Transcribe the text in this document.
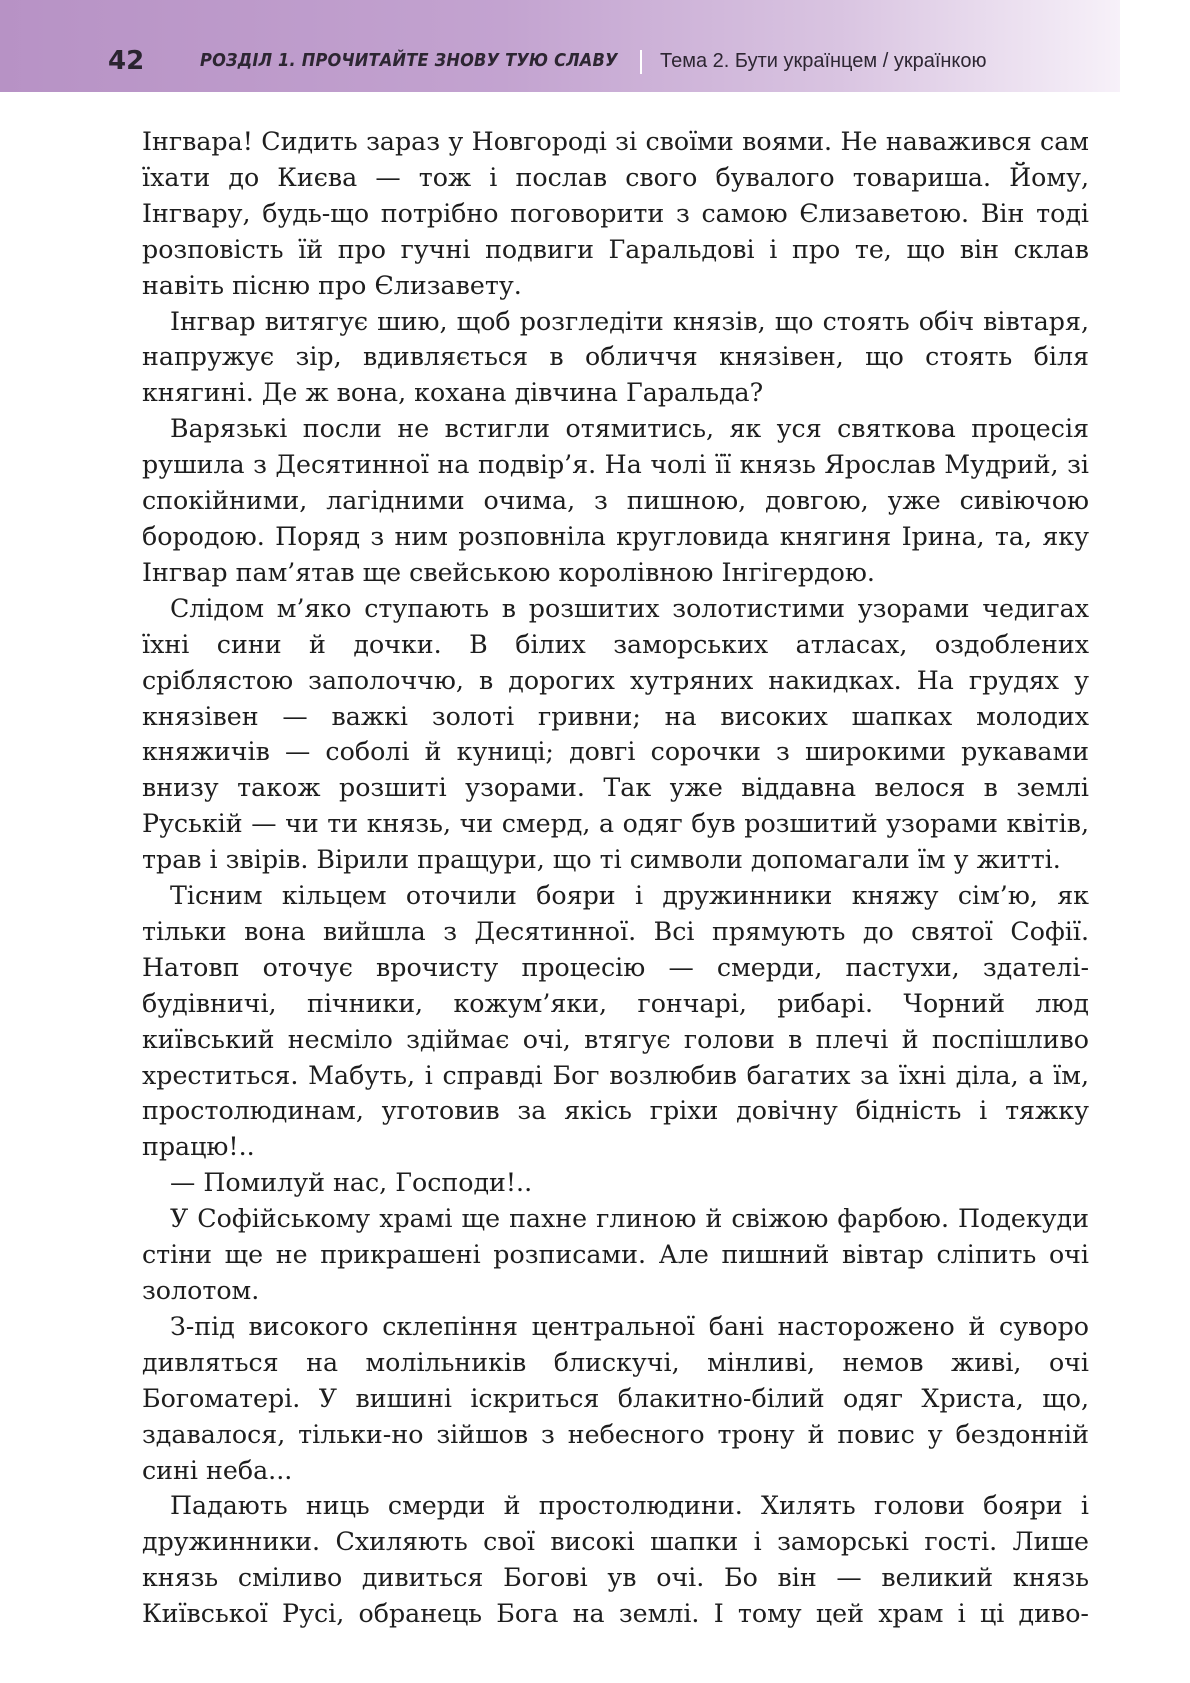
42	РОЗДІЛ 1. ПРОЧИТАЙТЕ ЗНОВУ ТУЮ СЛАВУ Тема 2. Бути українцем / українкою

Інгвара! Сидить зараз у Новгороді зі своїми воями. Не наважився сам їхати до Києва — тож і послав свого бувалого товариша. Йому, Інгвару, будь-що потрібно поговорити з самою Єлизаветою. Він тоді розповість їй про гучні подвиги Гаральдові і про те, що він склав навіть пісню про Єлизавету.

Інгвар витягує шию, щоб розгледіти князів, що стоять обіч вівтаря, напружує зір, вдивляється в обличчя князівен, що стоять біля княгині. Де ж вона, кохана дівчина Гаральда?

Варязькі посли не встигли отямитись, як уся святкова процесія рушила з Десятинної на подвір’я. На чолі її князь Ярослав Мудрий, зі спокійними, лагідними очима, з пишною, довгою, уже сивіючою бородою. Поряд з ним розповніла кругловида княгиня Ірина, та, яку Інгвар пам’ятав ще свейською королівною Інгігердою.

Слідом м’яко ступають в розшитих золотистими узорами чедигах їхні сини й дочки. В білих заморських атласах, оздоблених сріблястою заполоччю, в дорогих хутряних накидках. На грудях у князівен — важкі золоті гривни; на високих шапках молодих княжичів — соболі й куниці; довгі сорочки з широкими рукавами внизу також розшиті узорами. Так уже віддавна велося в землі Руській — чи ти князь, чи смерд, а одяг був розшитий узорами квітів, трав і звірів. Вірили пращури, що ті символи допомагали їм у житті.

Тісним кільцем оточили бояри і дружинники княжу сім’ю, як тільки вона вийшла з Десятинної. Всі прямують до святої Софії. Натовп оточує врочисту процесію — смерди, пастухи, здателі-будівничі, пічники, кожум’яки, гончарі, рибарі. Чорний люд київський несміло здіймає очі, втягує голови в плечі й поспішливо хреститься. Мабуть, і справді Бог возлюбив багатих за їхні діла, а їм, простолюдинам, уготовив за якісь гріхи довічну бідність і тяжку працю!..

— Помилуй нас, Господи!..

У Софійському храмі ще пахне глиною й свіжою фарбою. Подекуди стіни ще не прикрашені розписами. Але пишний вівтар сліпить очі золотом.

З-під високого склепіння центральної бані насторожено й суворо дивляться на молільників блискучі, мінливі, немов живі, очі Богоматері. У вишині іскриться блакитно-білий одяг Христа, що, здавалося, тільки-но зійшов з небесного трону й повис у бездонній сині неба...

Падають ниць смерди й простолюдини. Хилять голови бояри і дружинники. Схиляють свої високі шапки і заморські гості. Лише князь сміливо дивиться Богові ув очі. Бо він — великий князь Київської Русі, обранець Бога на землі. І тому цей храм і ці диво-
